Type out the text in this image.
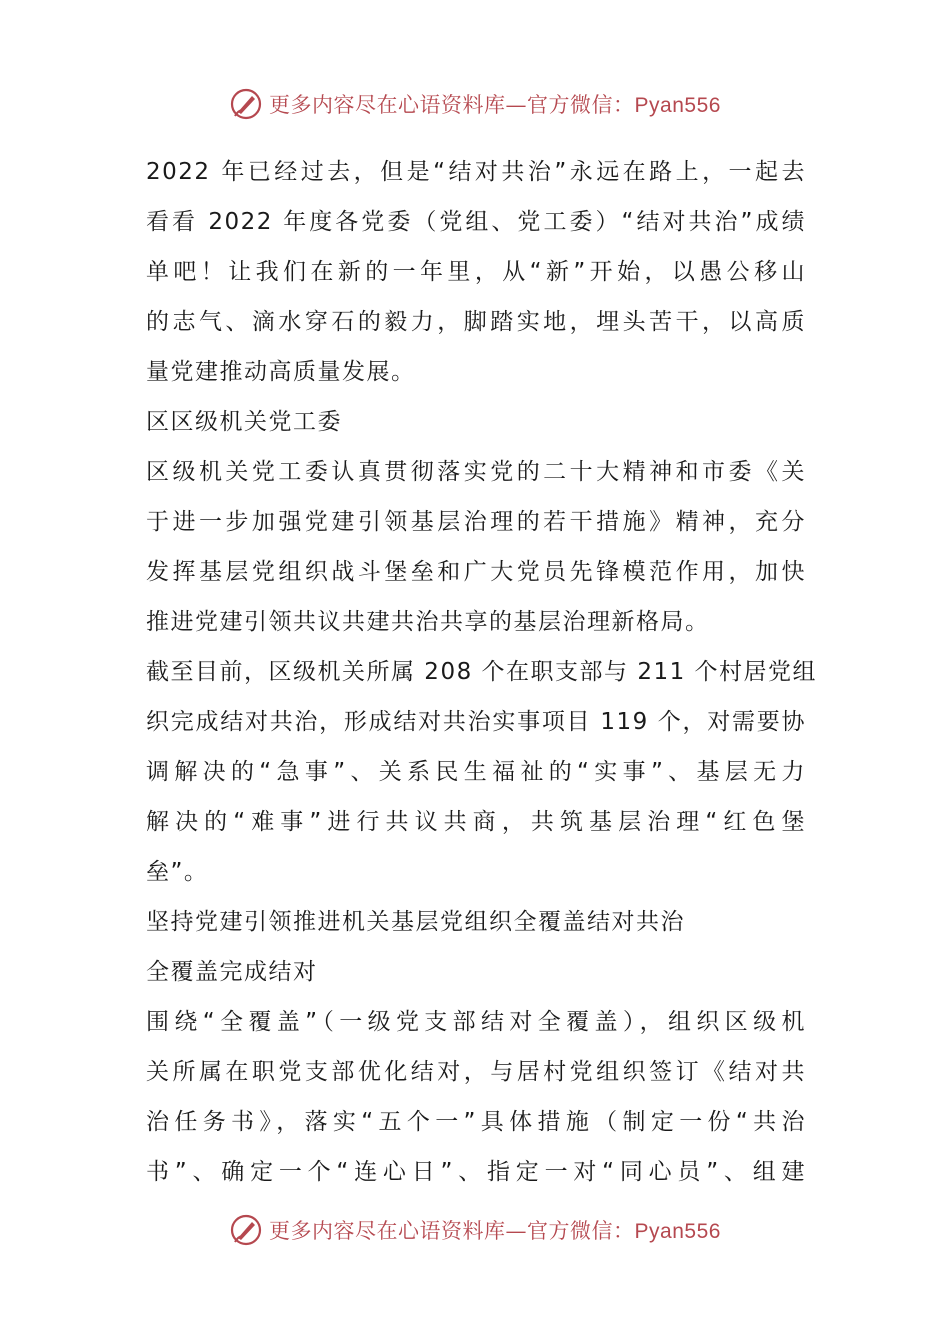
更多内容尽在心语资料库—官方微信：Pyan556
2022 年已经过去，但是“结对共治”永远在路上，一起去
看看 2022 年度各党委（党组、党工委）“结对共治”成绩
单吧！让我们在新的一年里，从“新”开始，以愚公移山
的志气、滴水穿石的毅力，脚踏实地，埋头苦干，以高质
量党建推动高质量发展。
区区级机关党工委
区级机关党工委认真贯彻落实党的二十大精神和市委《关
于进一步加强党建引领基层治理的若干措施》精神，充分
发挥基层党组织战斗堡垒和广大党员先锋模范作用，加快
推进党建引领共议共建共治共享的基层治理新格局。
截至目前，区级机关所属 208 个在职支部与 211 个村居党组
织完成结对共治，形成结对共治实事项目 119 个，对需要协
调解决的“急事”、关系民生福祉的“实事”、基层无力
解决的“难事”进行共议共商，共筑基层治理“红色堡
垒”。
坚持党建引领推进机关基层党组织全覆盖结对共治
全覆盖完成结对
围绕“全覆盖”（一级党支部结对全覆盖），组织区级机
关所属在职党支部优化结对，与居村党组织签订《结对共
治任务书》，落实“五个一”具体措施（制定一份“共治
书”、确定一个“连心日”、指定一对“同心员”、组建
更多内容尽在心语资料库—官方微信：Pyan556
